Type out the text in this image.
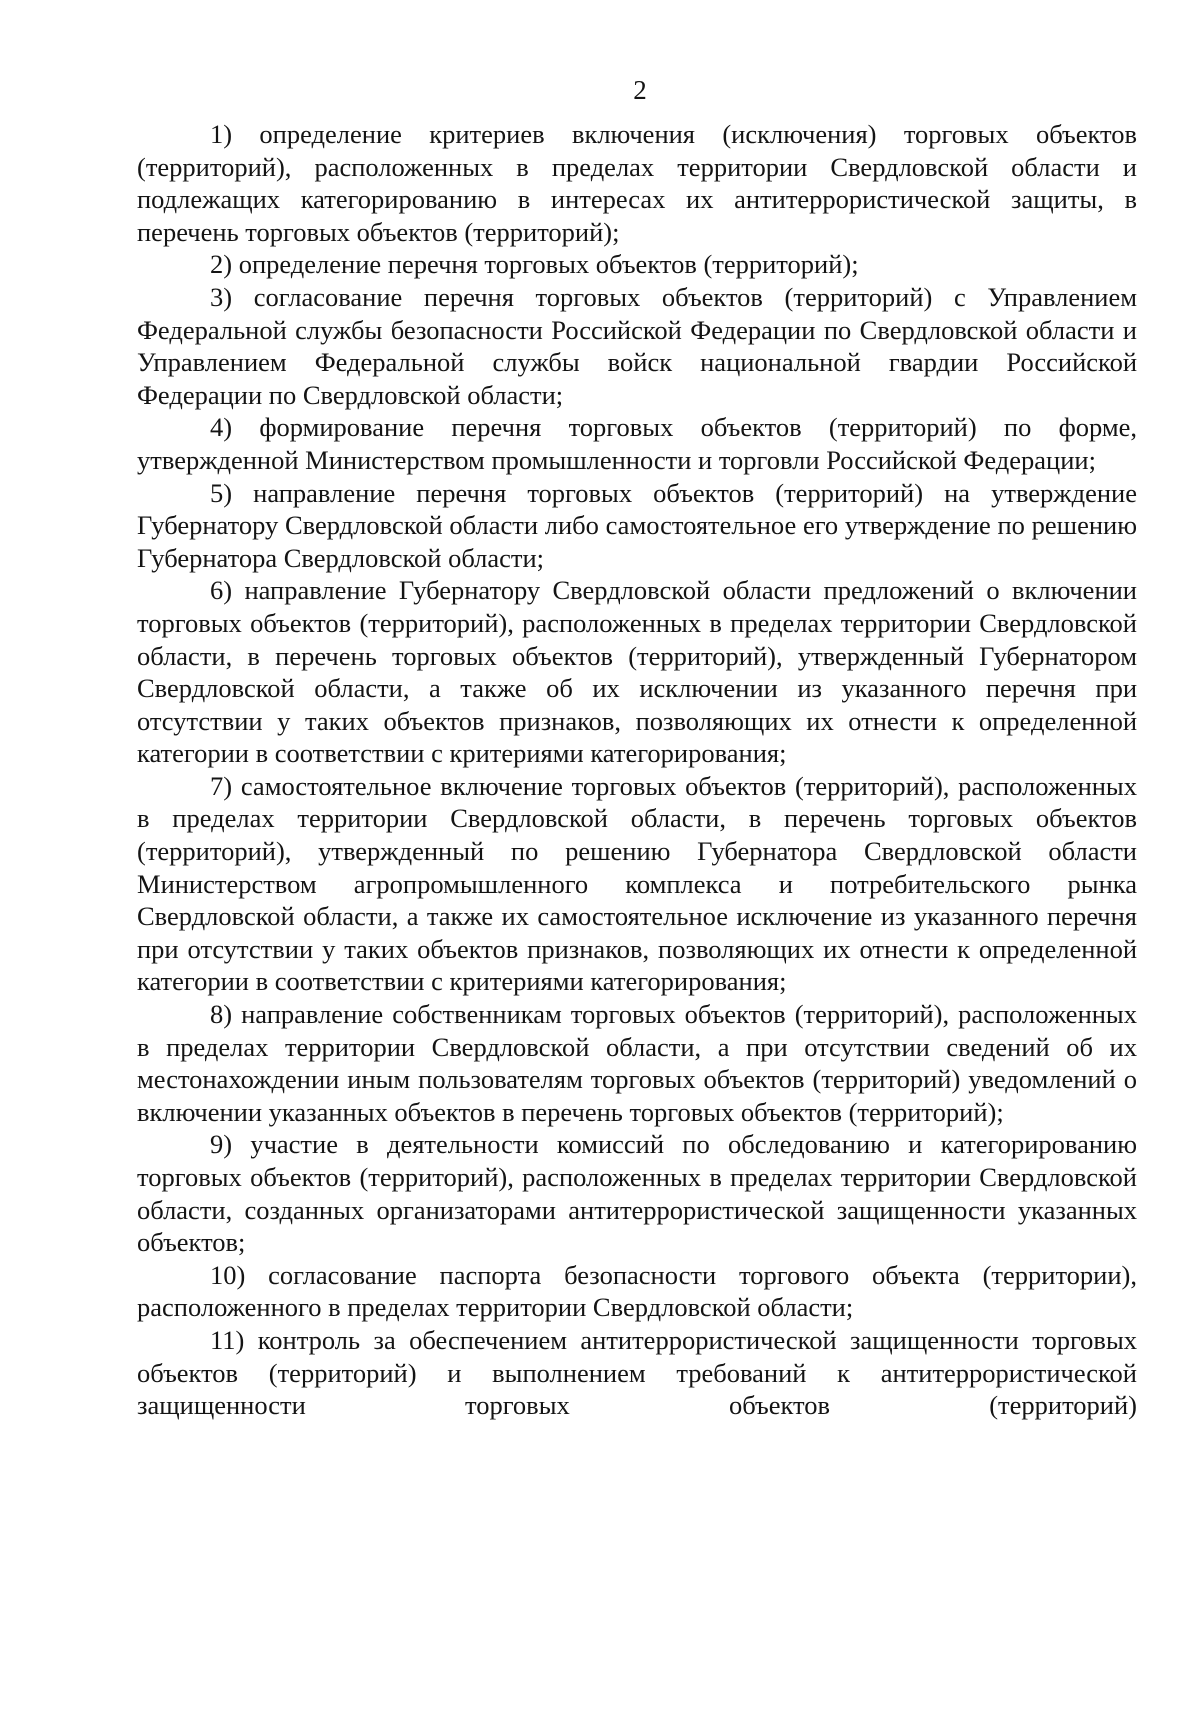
2

1) определение критериев включения (исключения) торговых объектов (территорий), расположенных в пределах территории Свердловской области и подлежащих категорированию в интересах их антитеррористической защиты, в перечень торговых объектов (территорий);

2) определение перечня торговых объектов (территорий);

3) согласование перечня торговых объектов (территорий) с Управлением Федеральной службы безопасности Российской Федерации по Свердловской области и Управлением Федеральной службы войск национальной гвардии Российской Федерации по Свердловской области;

4) формирование перечня торговых объектов (территорий) по форме, утвержденной Министерством промышленности и торговли Российской Федерации;

5) направление перечня торговых объектов (территорий) на утверждение Губернатору Свердловской области либо самостоятельное его утверждение по решению Губернатора Свердловской области;

6) направление Губернатору Свердловской области предложений о включении торговых объектов (территорий), расположенных в пределах территории Свердловской области, в перечень торговых объектов (территорий), утвержденный Губернатором Свердловской области, а также об их исключении из указанного перечня при отсутствии у таких объектов признаков, позволяющих их отнести к определенной категории в соответствии с критериями категорирования;

7) самостоятельное включение торговых объектов (территорий), расположенных в пределах территории Свердловской области, в перечень торговых объектов (территорий), утвержденный по решению Губернатора Свердловской области Министерством агропромышленного комплекса и потребительского рынка Свердловской области, а также их самостоятельное исключение из указанного перечня при отсутствии у таких объектов признаков, позволяющих их отнести к определенной категории в соответствии с критериями категорирования;

8) направление собственникам торговых объектов (территорий), расположенных в пределах территории Свердловской области, а при отсутствии сведений об их местонахождении иным пользователям торговых объектов (территорий) уведомлений о включении указанных объектов в перечень торговых объектов (территорий);

9) участие в деятельности комиссий по обследованию и категорированию торговых объектов (территорий), расположенных в пределах территории Свердловской области, созданных организаторами антитеррористической защищенности указанных объектов;

10) согласование паспорта безопасности торгового объекта (территории), расположенного в пределах территории Свердловской области;

11) контроль за обеспечением антитеррористической защищенности торговых объектов (территорий) и выполнением требований к антитеррористической защищенности торговых объектов (территорий)
